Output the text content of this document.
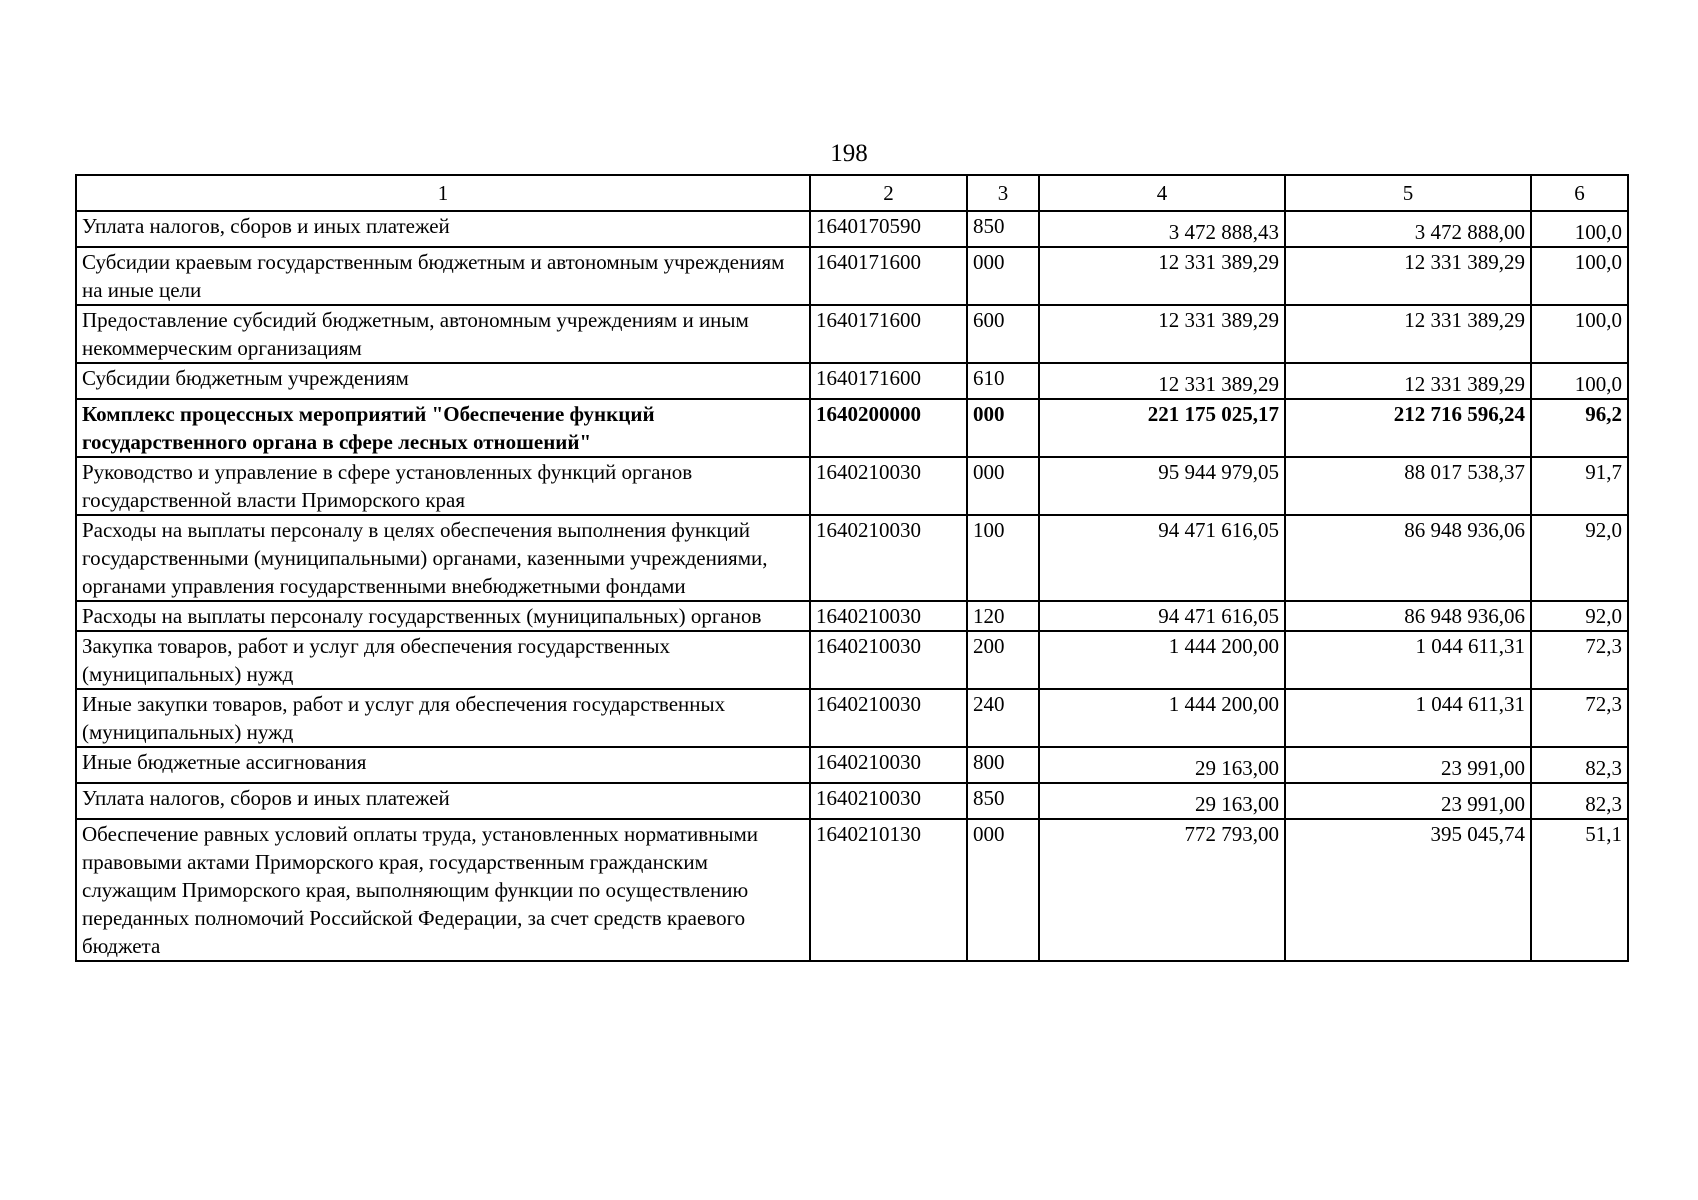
198
1	2	3	4	5	6
Уплата налогов, сборов и иных платежей	1640170590	850	3 472 888,43	3 472 888,00	100,0
Субсидии краевым государственным бюджетным и автономным учреждениям на иные цели	1640171600	000	12 331 389,29	12 331 389,29	100,0
Предоставление субсидий бюджетным, автономным учреждениям и иным некоммерческим организациям	1640171600	600	12 331 389,29	12 331 389,29	100,0
Субсидии бюджетным учреждениям	1640171600	610	12 331 389,29	12 331 389,29	100,0
Комплекс процессных мероприятий "Обеспечение функций государственного органа в сфере лесных отношений"	1640200000	000	221 175 025,17	212 716 596,24	96,2
Руководство и управление в сфере установленных функций органов государственной власти Приморского края	1640210030	000	95 944 979,05	88 017 538,37	91,7
Расходы на выплаты персоналу в целях обеспечения выполнения функций государственными (муниципальными) органами, казенными учреждениями, органами управления государственными внебюджетными фондами	1640210030	100	94 471 616,05	86 948 936,06	92,0
Расходы на выплаты персоналу государственных (муниципальных) органов	1640210030	120	94 471 616,05	86 948 936,06	92,0
Закупка товаров, работ и услуг для обеспечения государственных (муниципальных) нужд	1640210030	200	1 444 200,00	1 044 611,31	72,3
Иные закупки товаров, работ и услуг для обеспечения государственных (муниципальных) нужд	1640210030	240	1 444 200,00	1 044 611,31	72,3
Иные бюджетные ассигнования	1640210030	800	29 163,00	23 991,00	82,3
Уплата налогов, сборов и иных платежей	1640210030	850	29 163,00	23 991,00	82,3
Обеспечение равных условий оплаты труда, установленных нормативными правовыми актами Приморского края, государственным гражданским служащим Приморского края, выполняющим функции по осуществлению переданных полномочий Российской Федерации, за счет средств краевого бюджета	1640210130	000	772 793,00	395 045,74	51,1
